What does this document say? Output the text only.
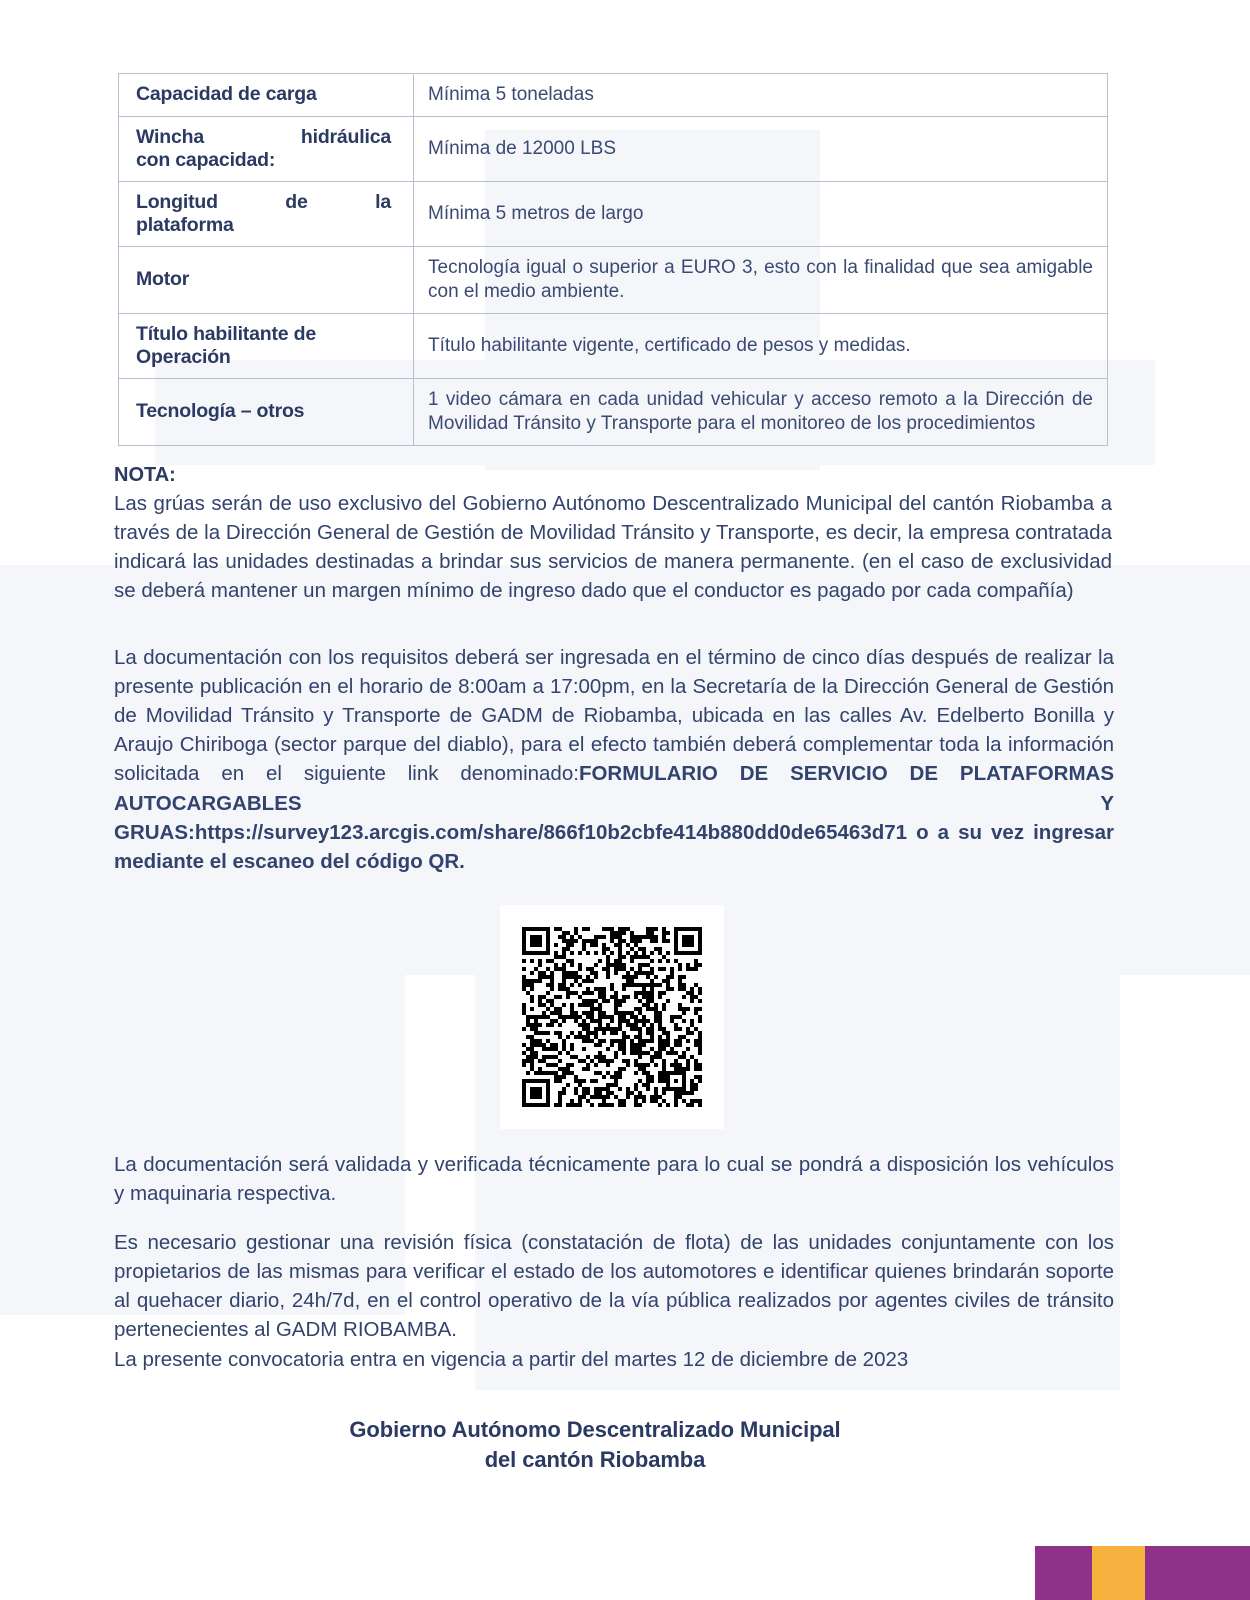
Capacidad de carga	Mínima 5 toneladas
Wincha hidráulica
con capacidad:	Mínima de 12000 LBS
Longitud de la
plataforma	Mínima 5 metros de largo

Motor	Tecnología igual o superior a EURO 3, esto con la finalidad que sea amigable con el medio ambiente.

Título habilitante de
Operación	Título habilitante vigente, certificado de pesos y medidas.

Tecnología – otros	1 video cámara en cada unidad vehicular y acceso remoto a la Dirección de Movilidad Tránsito y Transporte para el monitoreo de los procedimientos
NOTA:

Las grúas serán de uso exclusivo del Gobierno Autónomo Descentralizado Municipal del cantón Riobamba a través de la Dirección General de Gestión de Movilidad Tránsito y Transporte, es decir, la empresa contratada indicará las unidades destinadas a brindar sus servicios de manera permanente. (en el caso de exclusividad se deberá mantener un margen mínimo de ingreso dado que el conductor es pagado por cada compañía)

La documentación con los requisitos deberá ser ingresada en el término de cinco días después de realizar la presente publicación en el horario de 8:00am a 17:00pm, en la Secretaría de la Dirección General de Gestión de Movilidad Tránsito y Transporte de GADM de Riobamba, ubicada en las calles Av. Edelberto Bonilla y Araujo Chiriboga (sector parque del diablo), para el efecto también deberá complementar toda la información solicitada en el siguiente link denominado:FORMULARIO DE SERVICIO DE PLATAFORMAS AUTOCARGABLES Y GRUAS:https://survey123.arcgis.com/share/866f10b2cbfe414b880dd0de65463d71 o a su vez ingresar mediante el escaneo del código QR.

La documentación será validada y verificada técnicamente para lo cual se pondrá a disposición los vehículos y maquinaria respectiva.

Es necesario gestionar una revisión física (constatación de flota) de las unidades conjuntamente con los propietarios de las mismas para verificar el estado de los automotores e identificar quienes brindarán soporte al quehacer diario, 24h/7d, en el control operativo de la vía pública realizados por agentes civiles de tránsito pertenecientes al GADM RIOBAMBA.

La presente convocatoria entra en vigencia a partir del martes 12 de diciembre de 2023

Gobierno Autónomo Descentralizado Municipal
del cantón Riobamba
